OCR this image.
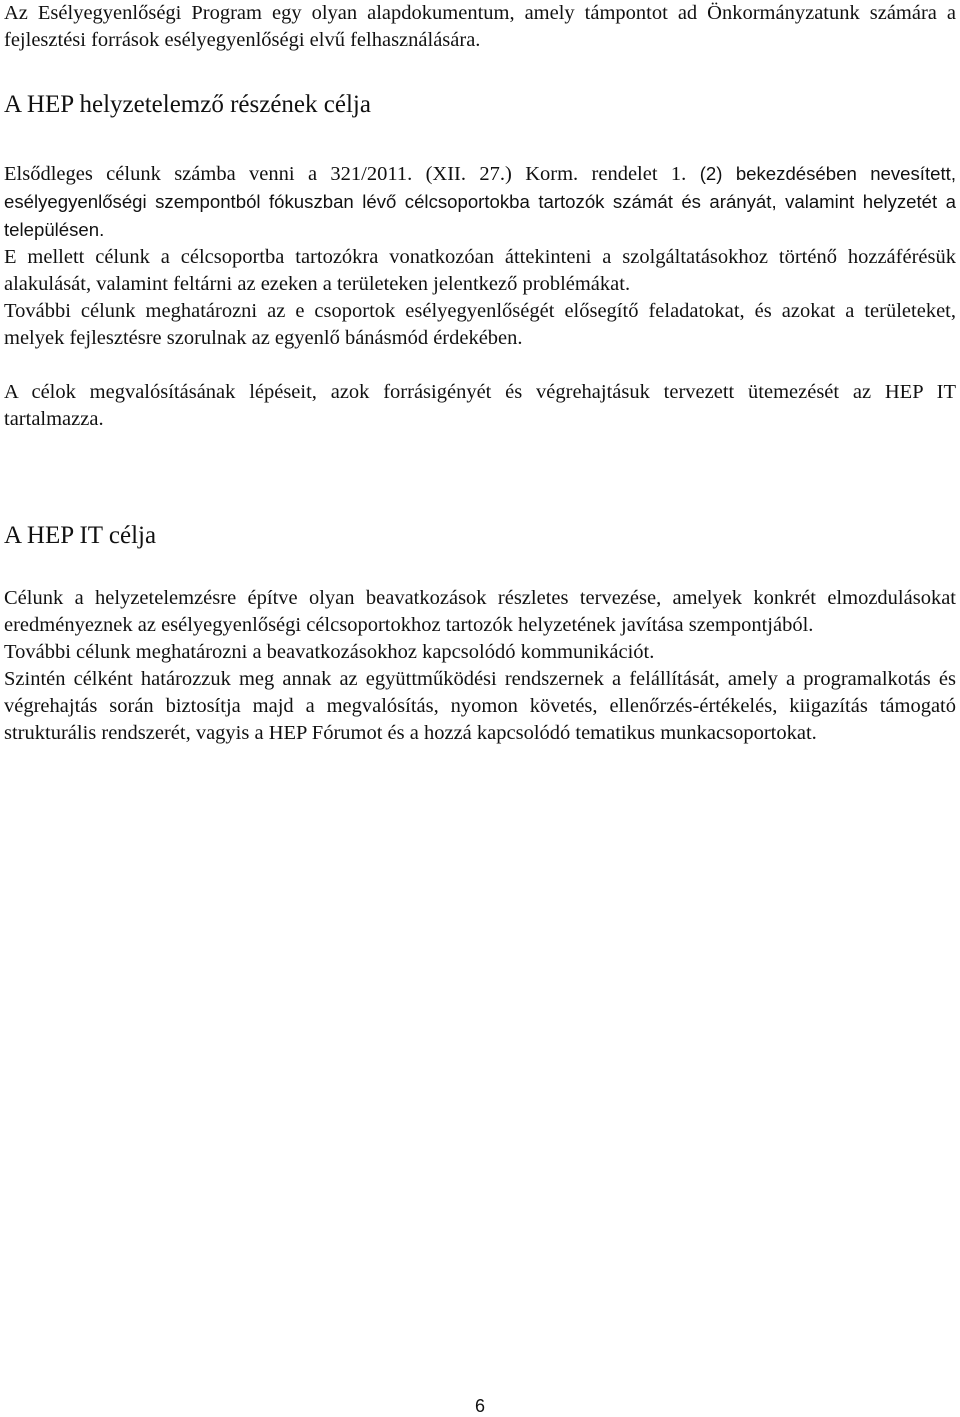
Az Esélyegyenlőségi Program egy olyan alapdokumentum, amely támpontot ad Önkormányzatunk számára a fejlesztési források esélyegyenlőségi elvű felhasználására.

A HEP helyzetelemző részének célja

Elsődleges célunk számba venni a 321/2011. (XII. 27.) Korm. rendelet 1. (2) bekezdésében nevesített, esélyegyenlőségi szempontból fókuszban lévő célcsoportokba tartozók számát és arányát, valamint helyzetét a településen.

E mellett célunk a célcsoportba tartozókra vonatkozóan áttekinteni a szolgáltatásokhoz történő hozzáférésük alakulását, valamint feltárni az ezeken a területeken jelentkező problémákat.

További célunk meghatározni az e csoportok esélyegyenlőségét elősegítő feladatokat, és azokat a területeket, melyek fejlesztésre szorulnak az egyenlő bánásmód érdekében.

A célok megvalósításának lépéseit, azok forrásigényét és végrehajtásuk tervezett ütemezését az HEP IT tartalmazza.

A HEP IT célja

Célunk a helyzetelemzésre építve olyan beavatkozások részletes tervezése, amelyek konkrét elmozdulásokat eredményeznek az esélyegyenlőségi célcsoportokhoz tartozók helyzetének javítása szempontjából.

További célunk meghatározni a beavatkozásokhoz kapcsolódó kommunikációt.

Szintén célként határozzuk meg annak az együttműködési rendszernek a felállítását, amely a programalkotás és végrehajtás során biztosítja majd a megvalósítás, nyomon követés, ellenőrzés-értékelés, kiigazítás támogató strukturális rendszerét, vagyis a HEP Fórumot és a hozzá kapcsolódó tematikus munkacsoportokat.

6
